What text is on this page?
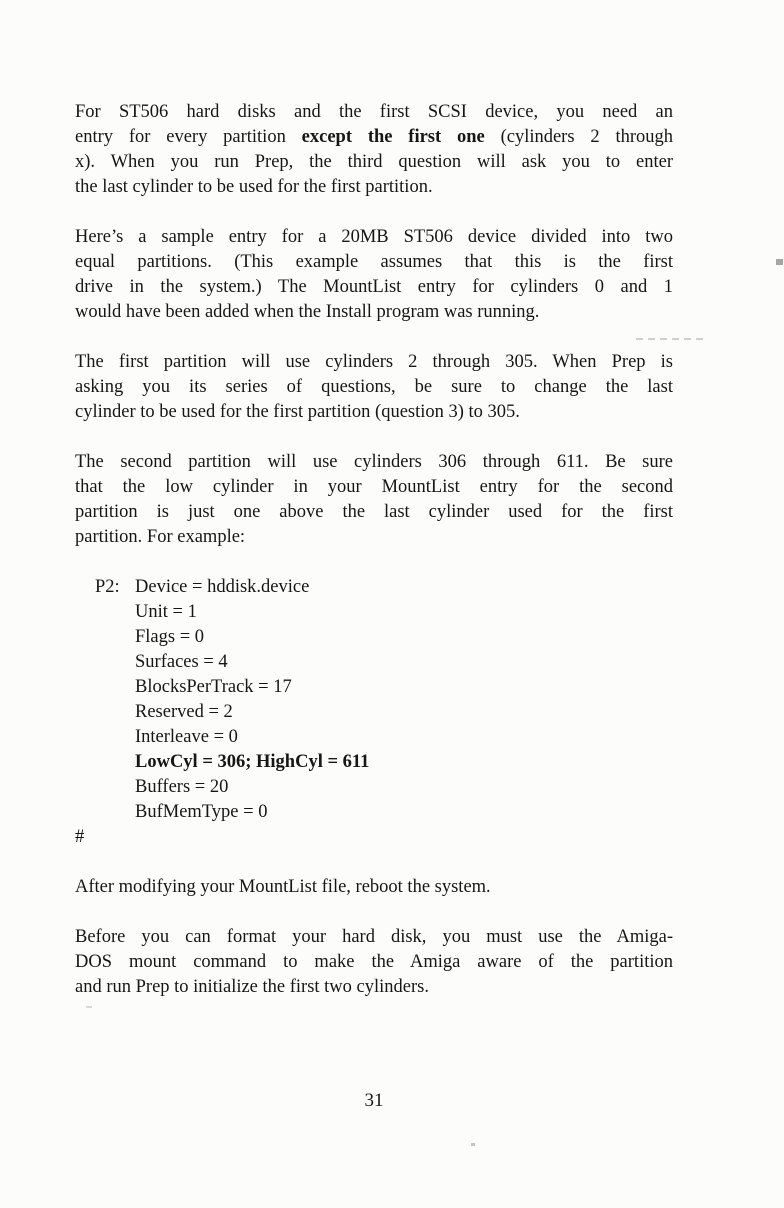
For ST506 hard disks and the first SCSI device, you need an
entry for every partition except the first one (cylinders 2 through
x). When you run Prep, the third question will ask you to enter
the last cylinder to be used for the first partition.
Here’s a sample entry for a 20MB ST506 device divided into two
equal partitions. (This example assumes that this is the first
drive in the system.) The MountList entry for cylinders 0 and 1
would have been added when the Install program was running.
The first partition will use cylinders 2 through 305. When Prep is
asking you its series of questions, be sure to change the last
cylinder to be used for the first partition (question 3) to 305.
The second partition will use cylinders 306 through 611. Be sure
that the low cylinder in your MountList entry for the second
partition is just one above the last cylinder used for the first
partition. For example:
P2: Device = hddisk.device
Unit = 1
Flags = 0
Surfaces = 4
BlocksPerTrack = 17
Reserved = 2
Interleave = 0
LowCyl = 306; HighCyl = 611
Buffers = 20
BufMemType = 0
#
After modifying your MountList file, reboot the system.
Before you can format your hard disk, you must use the Amiga-
DOS mount command to make the Amiga aware of the partition
and run Prep to initialize the first two cylinders.
31
